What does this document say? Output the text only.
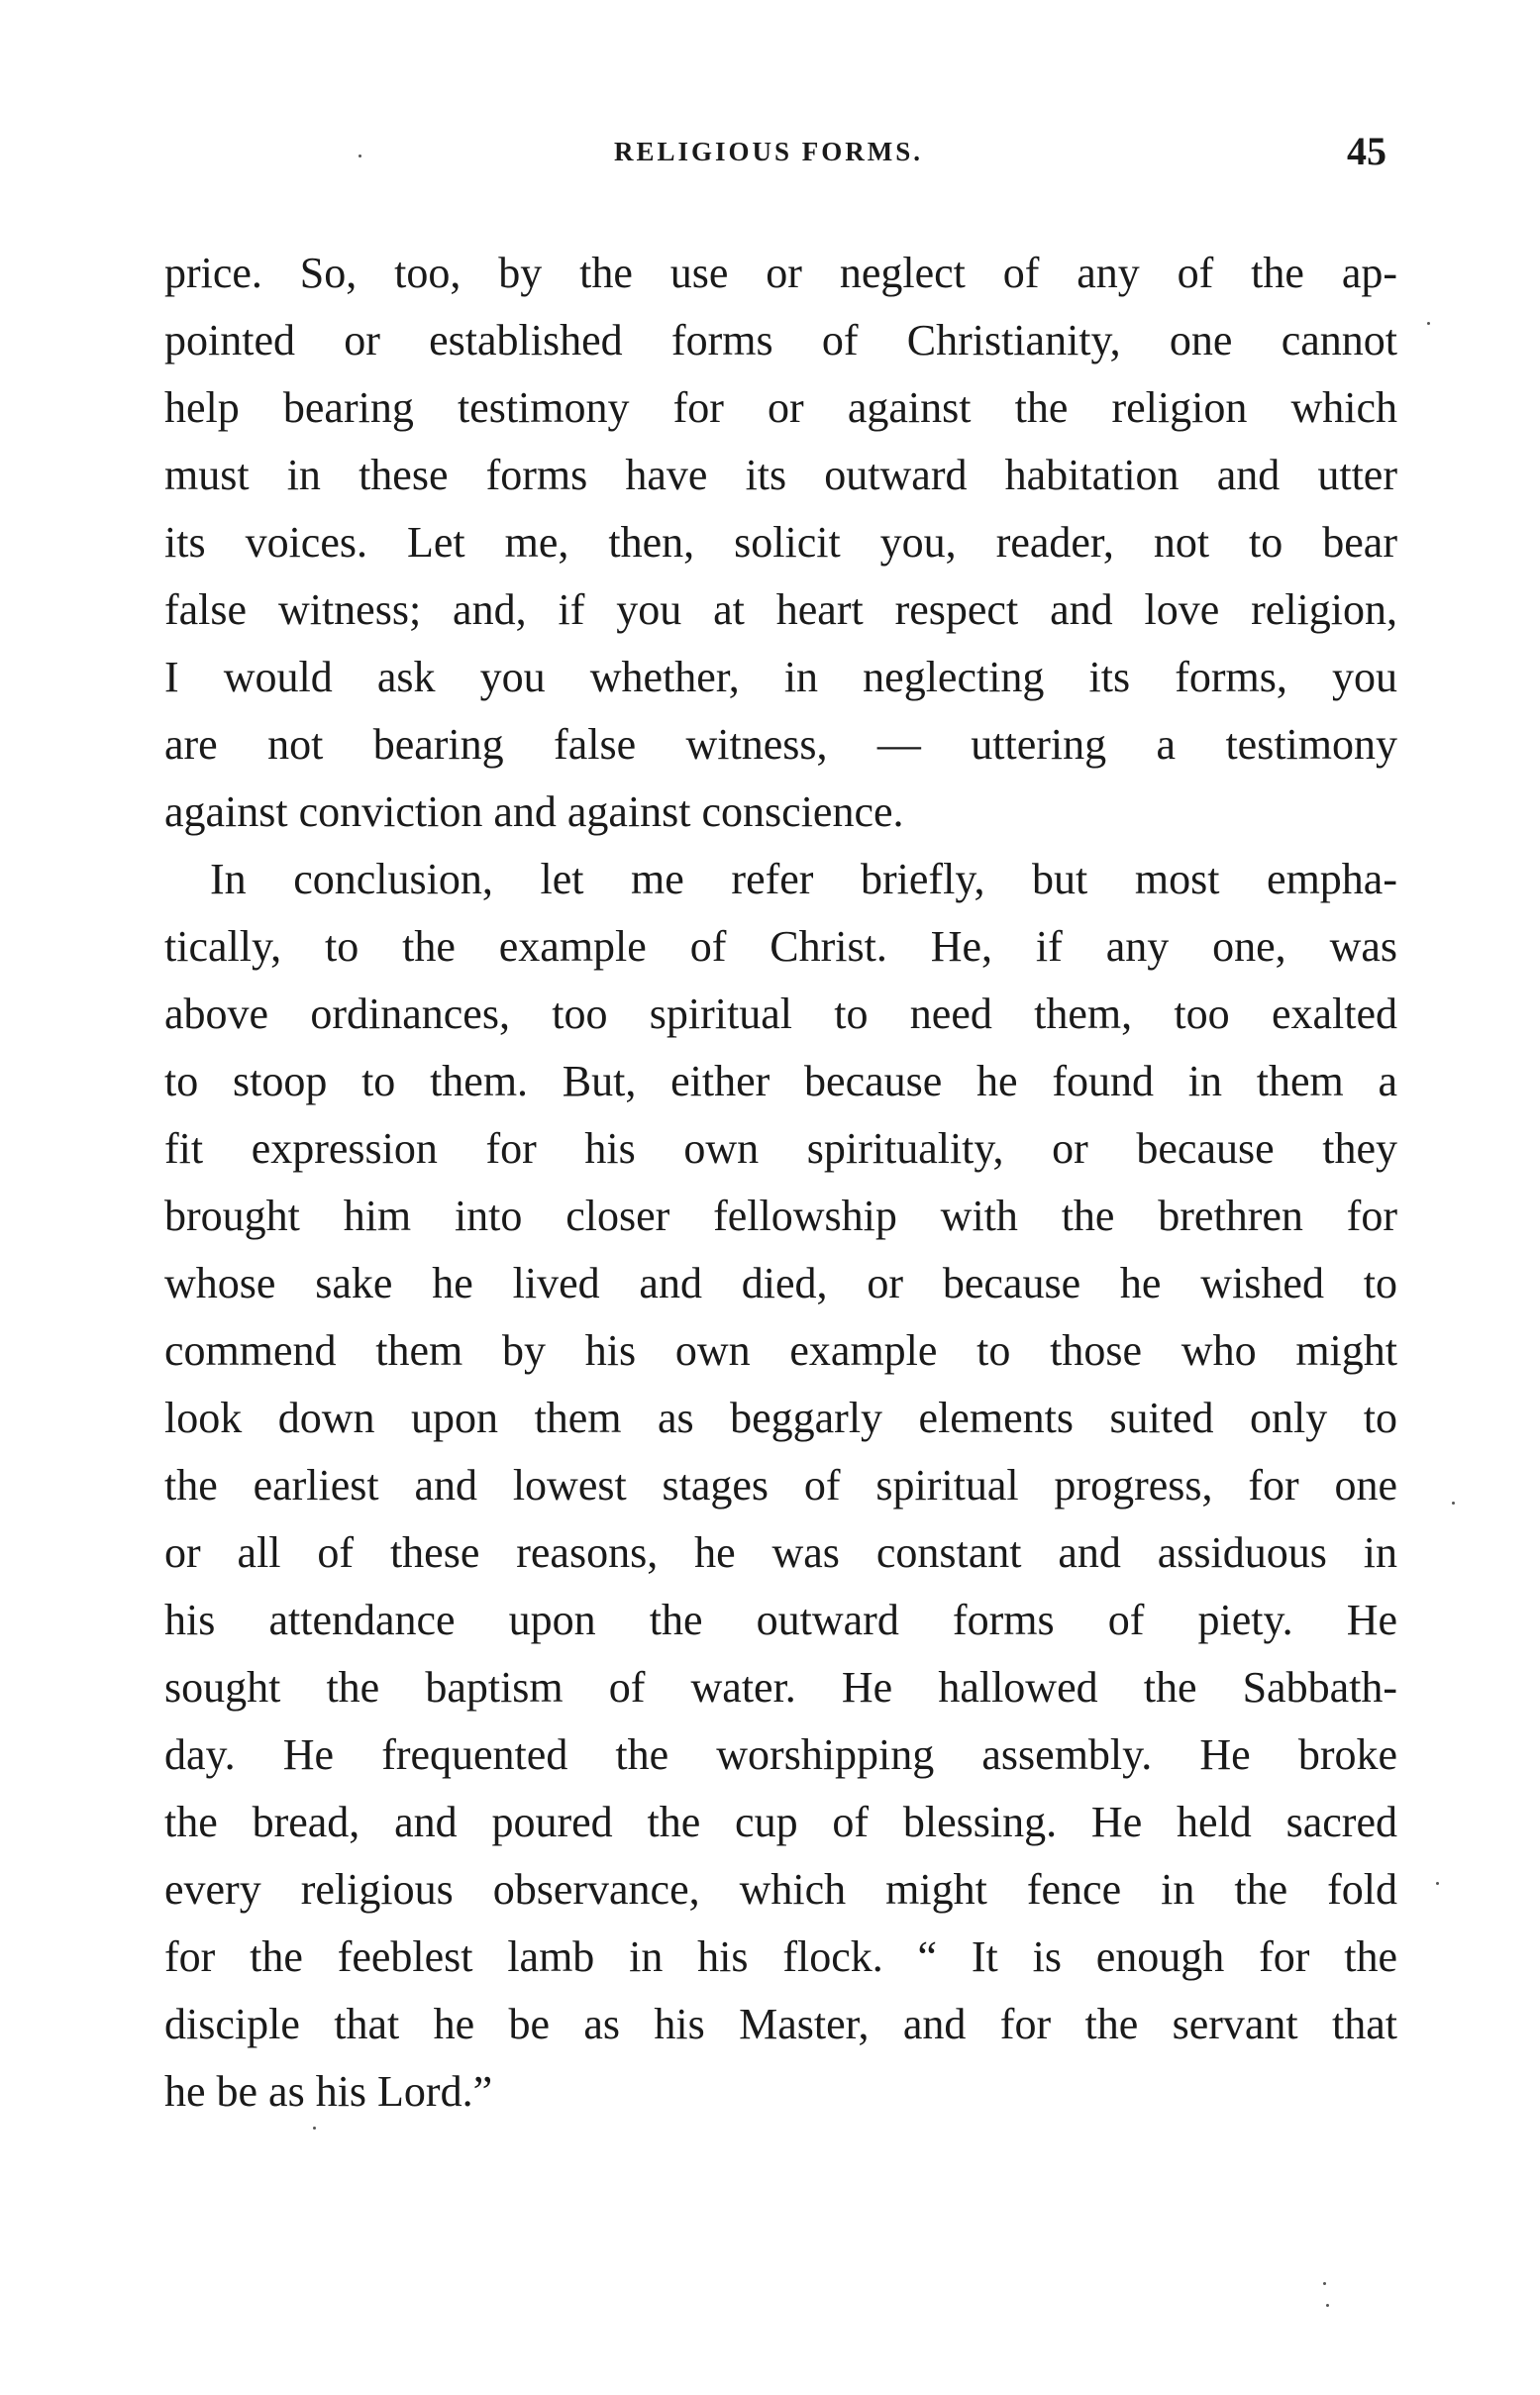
RELIGIOUS FORMS.	45
price. So, too, by the use or neglect of any of the ap-
pointed or established forms of Christianity, one cannot
help bearing testimony for or against the religion which
must in these forms have its outward habitation and utter
its voices. Let me, then, solicit you, reader, not to bear
false witness; and, if you at heart respect and love religion,
I would ask you whether, in neglecting its forms, you
are not bearing false witness, — uttering a testimony
against conviction and against conscience.
In conclusion, let me refer briefly, but most empha-
tically, to the example of Christ. He, if any one, was
above ordinances, too spiritual to need them, too exalted
to stoop to them. But, either because he found in them a
fit expression for his own spirituality, or because they
brought him into closer fellowship with the brethren for
whose sake he lived and died, or because he wished to
commend them by his own example to those who might
look down upon them as beggarly elements suited only to
the earliest and lowest stages of spiritual progress, for one
or all of these reasons, he was constant and assiduous in
his attendance upon the outward forms of piety. He
sought the baptism of water. He hallowed the Sabbath-
day. He frequented the worshipping assembly. He broke
the bread, and poured the cup of blessing. He held sacred
every religious observance, which might fence in the fold
for the feeblest lamb in his flock. “ It is enough for the
disciple that he be as his Master, and for the servant that
he be as his Lord.”
